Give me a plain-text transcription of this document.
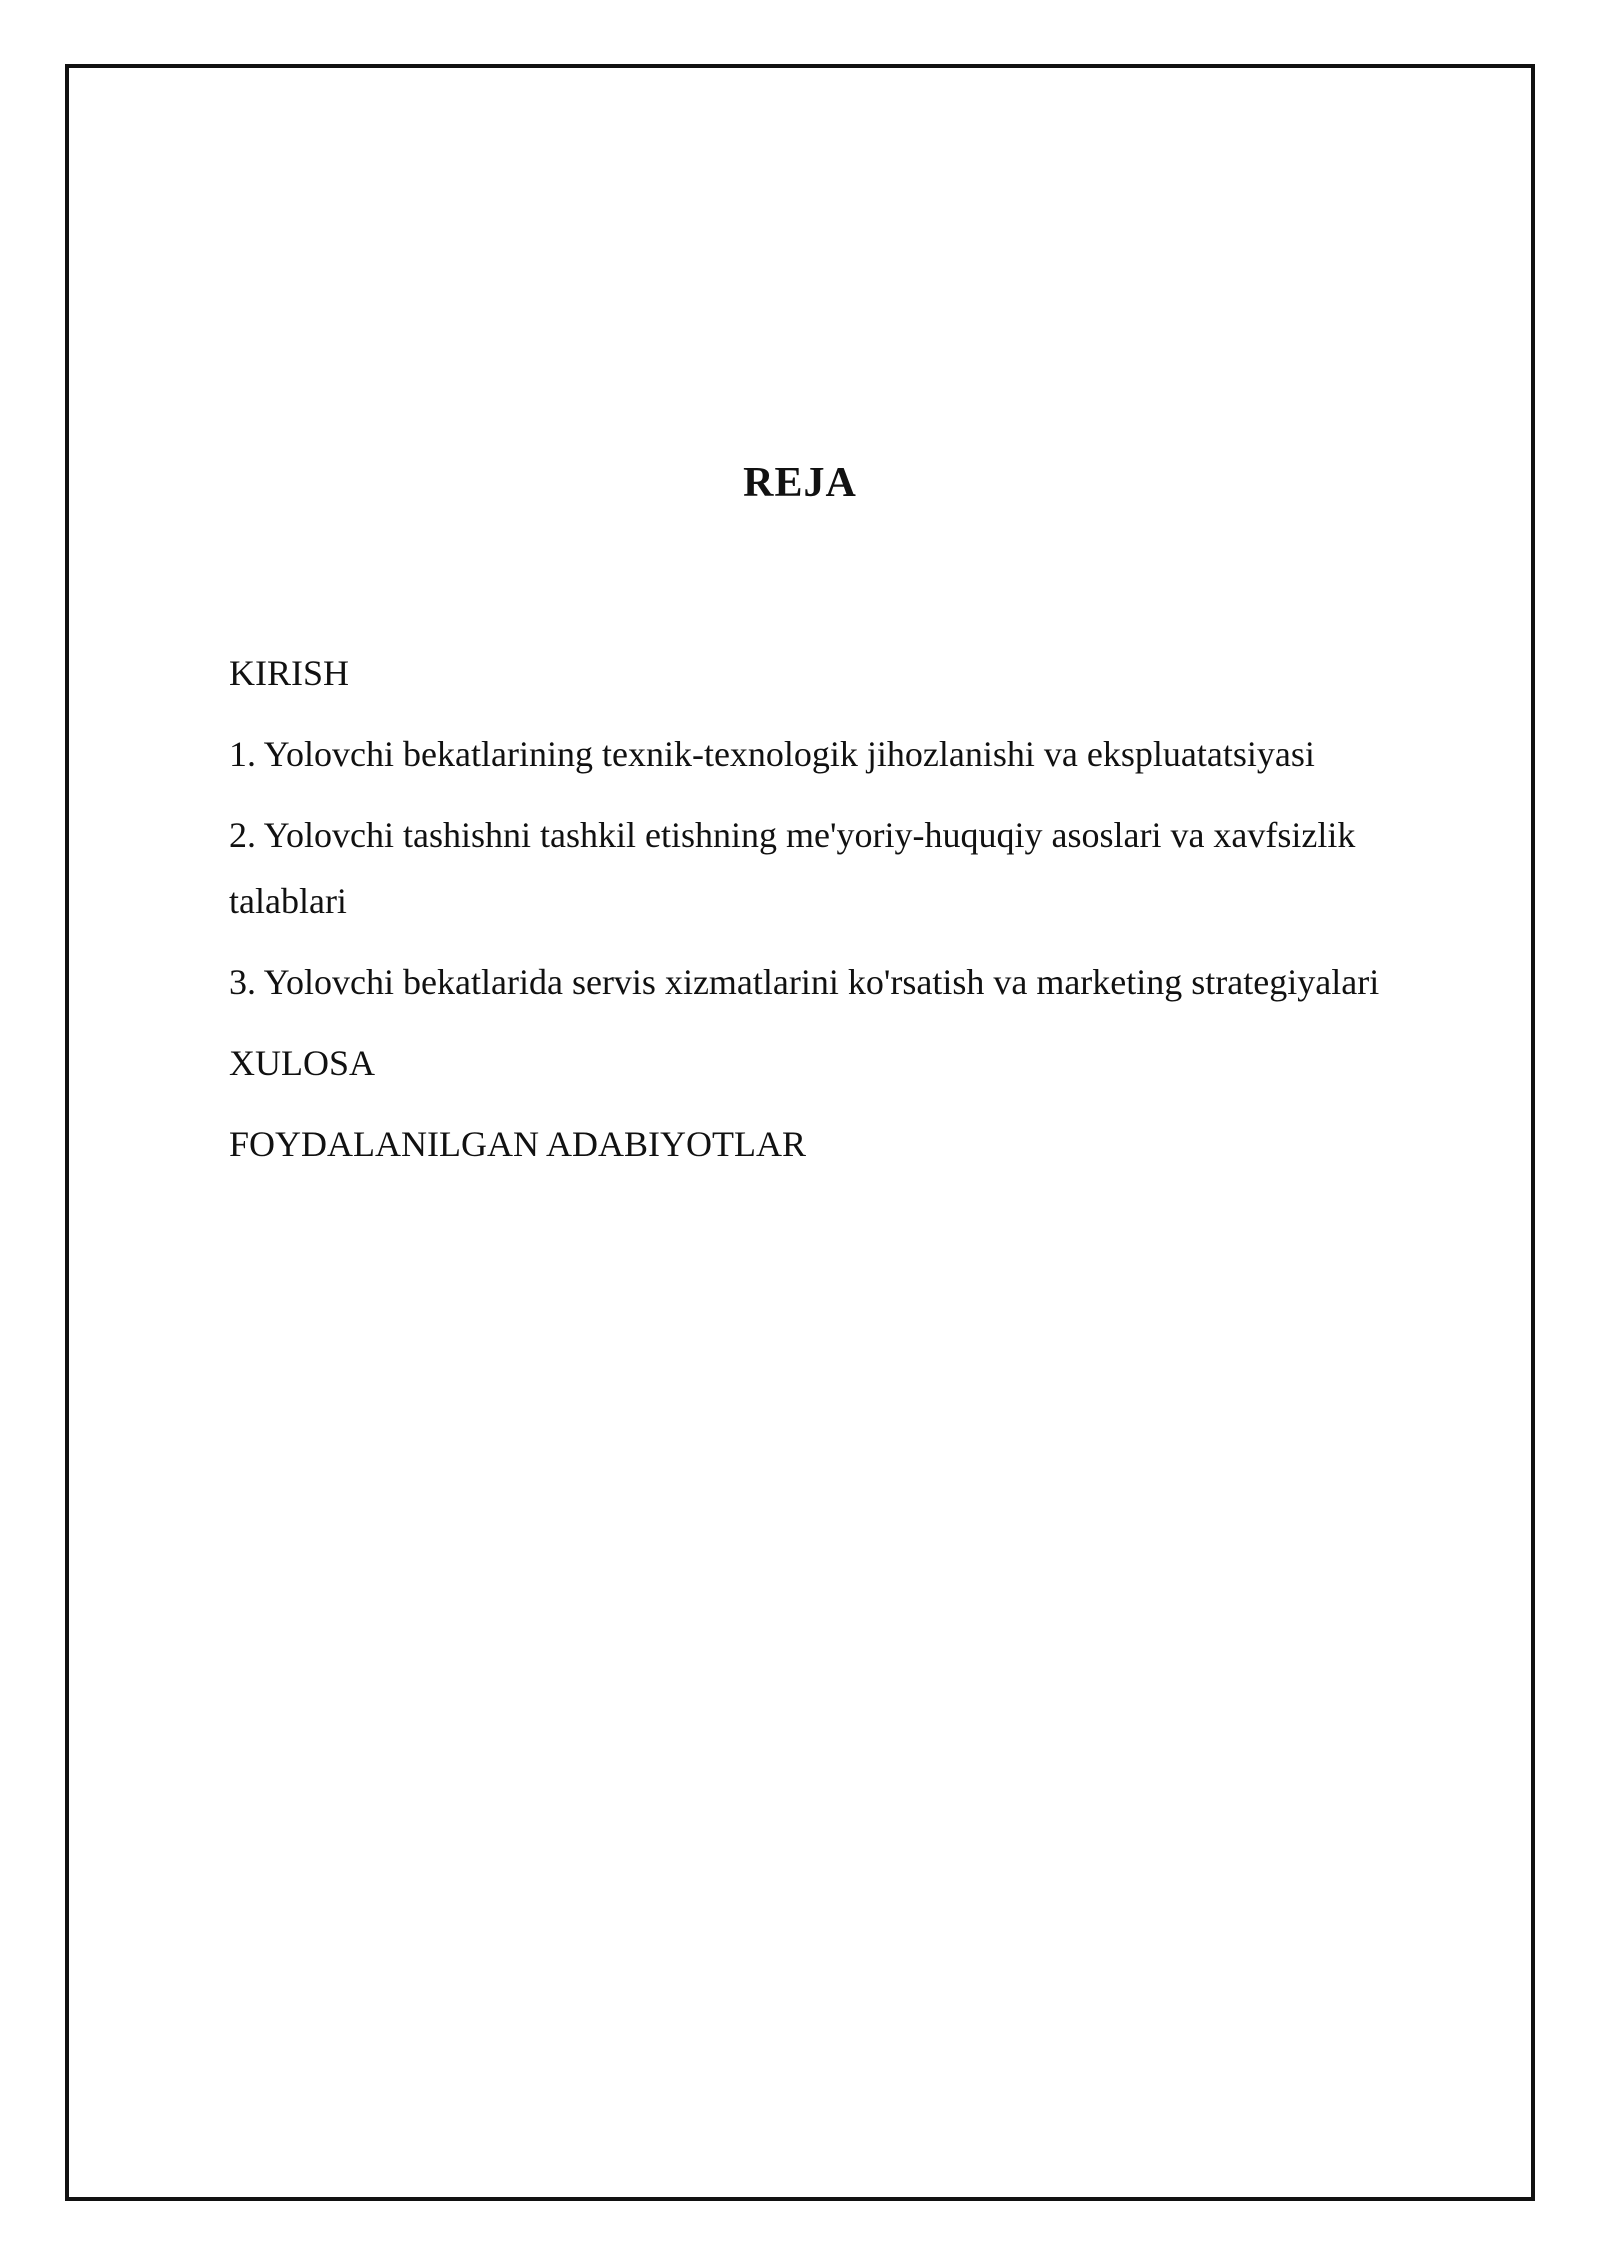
REJA
KIRISH
1. Yolovchi bekatlarining texnik-texnologik jihozlanishi va ekspluatatsiyasi
2. Yolovchi tashishni tashkil etishning me'yoriy-huquqiy asoslari va xavfsizlik talablari
3. Yolovchi bekatlarida servis xizmatlarini ko'rsatish va marketing strategiyalari
XULOSA
FOYDALANILGAN ADABIYOTLAR
